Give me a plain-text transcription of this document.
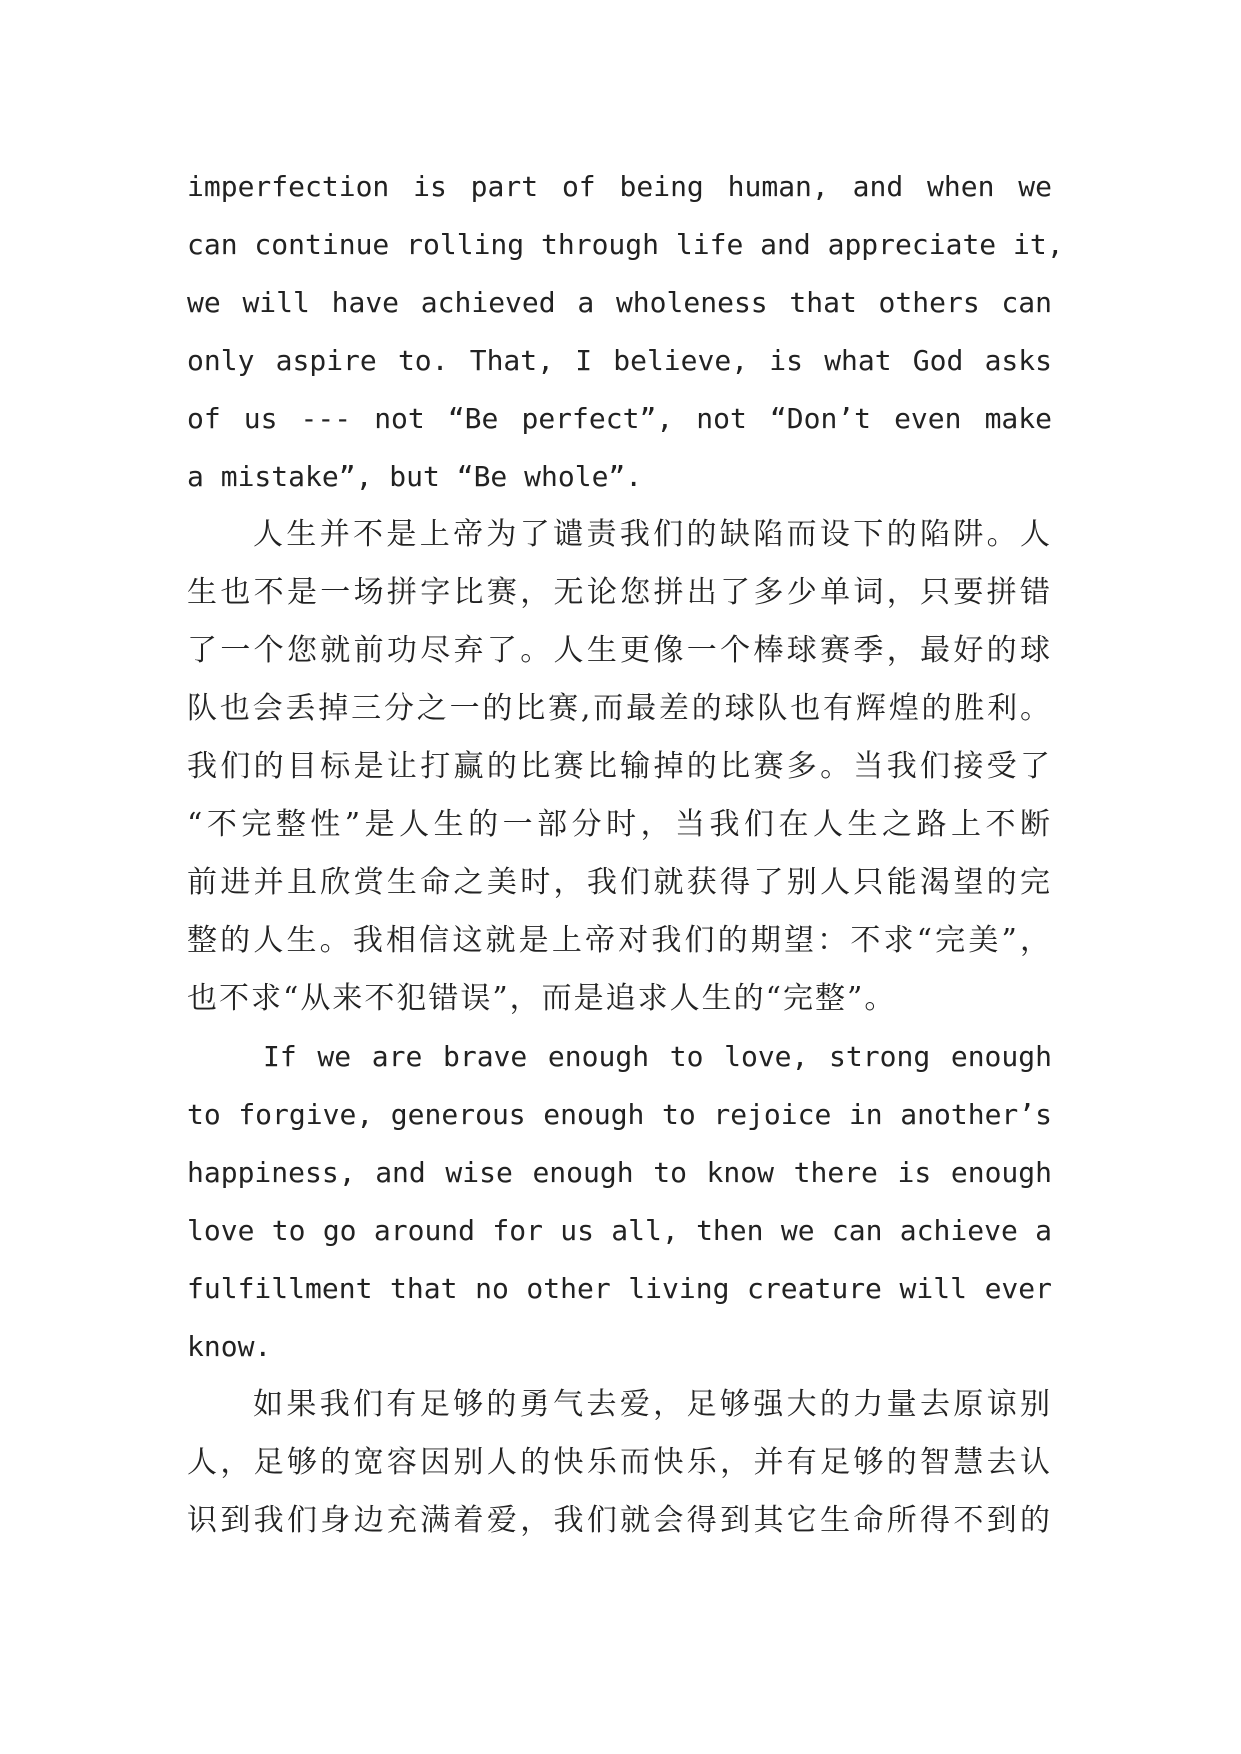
imperfection is part of being human, and when we
can continue rolling through life and appreciate it,
we will have achieved a wholeness that others can
only aspire to. That, I believe, is what God asks
of us --- not “Be perfect”, not “Don’t even make
a mistake”, but “Be whole”.
人生并不是上帝为了谴责我们的缺陷而设下的陷阱。人
生也不是一场拼字比赛，无论您拼出了多少单词，只要拼错
了一个您就前功尽弃了。人生更像一个棒球赛季，最好的球
队也会丢掉三分之一的比赛,而最差的球队也有辉煌的胜利。
我们的目标是让打赢的比赛比输掉的比赛多。当我们接受了
“不完整性”是人生的一部分时，当我们在人生之路上不断
前进并且欣赏生命之美时，我们就获得了别人只能渴望的完
整的人生。我相信这就是上帝对我们的期望：不求“完美”，
也不求“从来不犯错误”，而是追求人生的“完整”。
If we are brave enough to love, strong enough
to forgive, generous enough to rejoice in another’s
happiness, and wise enough to know there is enough
love to go around for us all, then we can achieve a
fulfillment that no other living creature will ever
know.
如果我们有足够的勇气去爱，足够强大的力量去原谅别
人，足够的宽容因别人的快乐而快乐，并有足够的智慧去认
识到我们身边充满着爱，我们就会得到其它生命所得不到的
